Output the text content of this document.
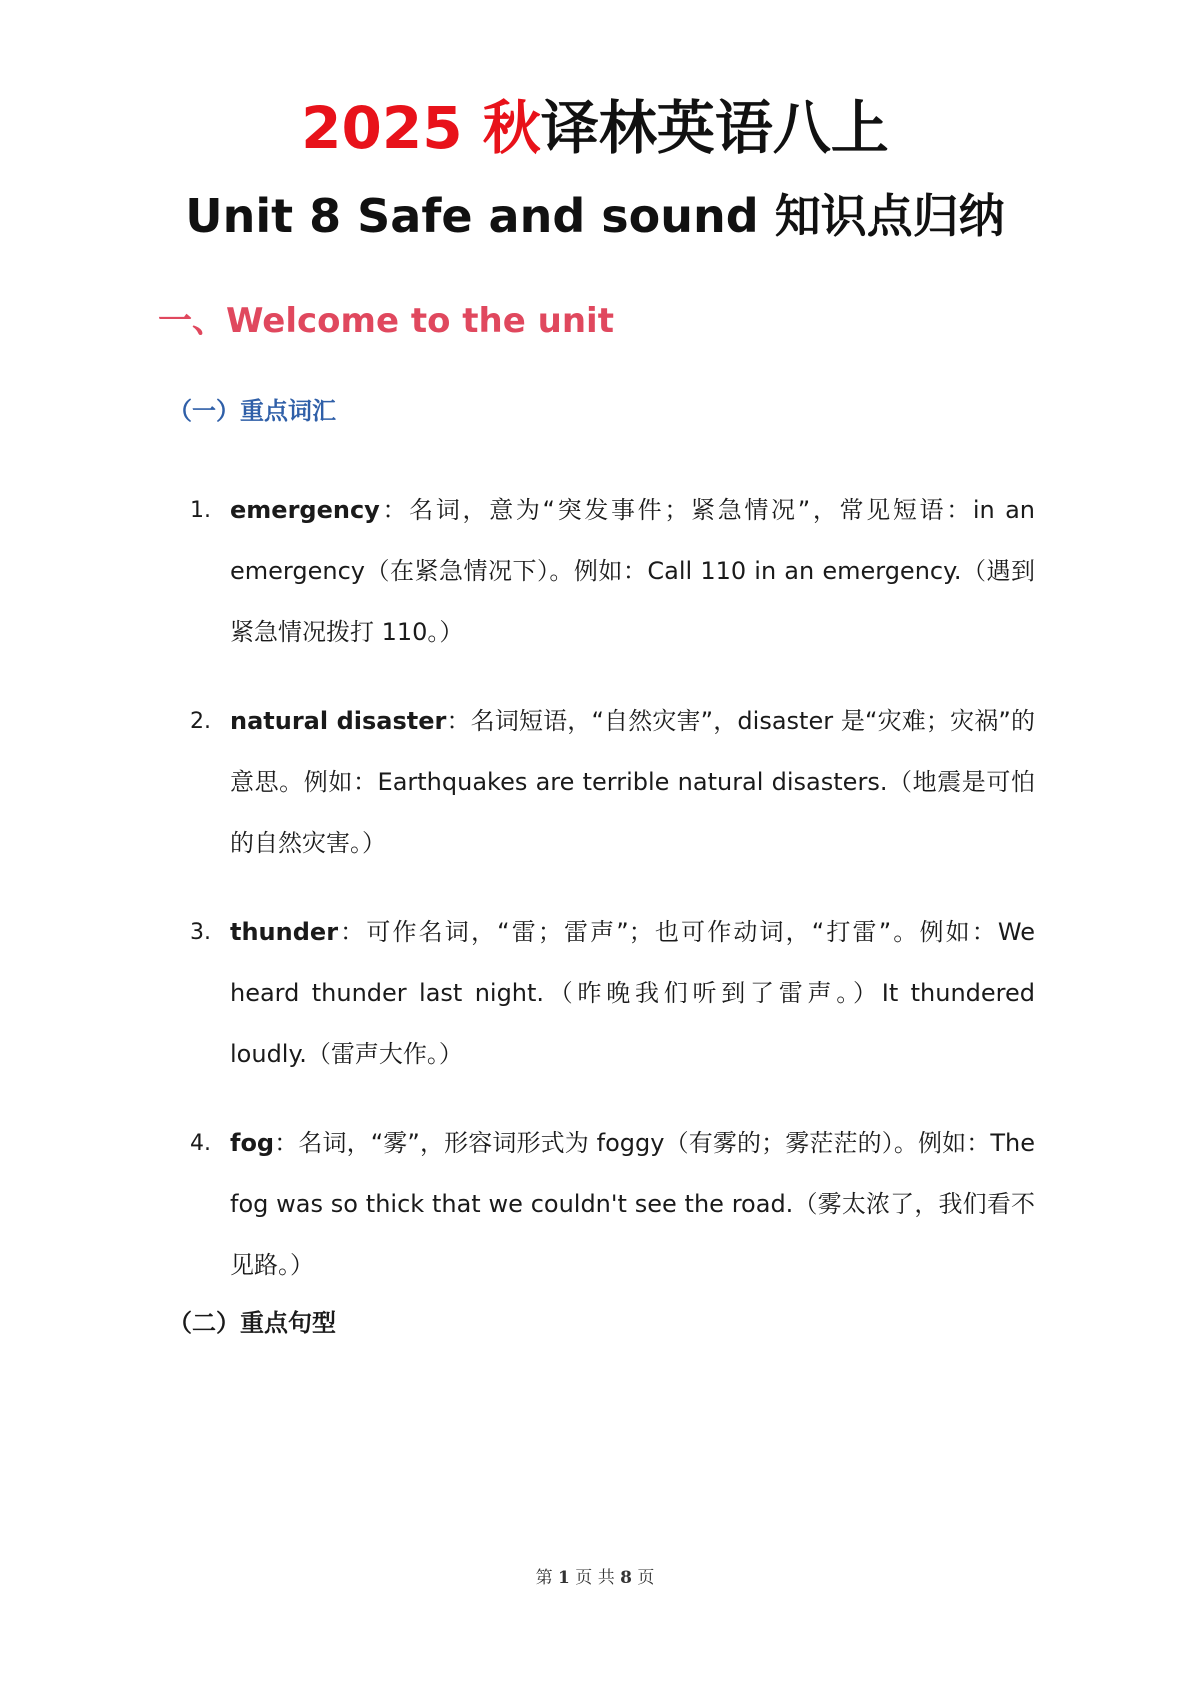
2025 秋译林英语八上
Unit 8 Safe and sound 知识点归纳
一、Welcome to the unit
（一）重点词汇
1. emergency：名词，意为“突发事件；紧急情况”，常见短语：in an emergency（在紧急情况下）。例如：Call 110 in an emergency.（遇到紧急情况拨打 110。）
2. natural disaster：名词短语，“自然灾害”，disaster 是“灾难；灾祸”的意思。例如：Earthquakes are terrible natural disasters.（地震是可怕的自然灾害。）
3. thunder：可作名词，“雷；雷声”；也可作动词，“打雷”。例如：We heard thunder last night.（昨晚我们听到了雷声。）It thundered loudly.（雷声大作。）
4. fog：名词，“雾”，形容词形式为 foggy（有雾的；雾茫茫的）。例如：The fog was so thick that we couldn't see the road.（雾太浓了，我们看不见路。）
（二）重点句型
第 1 页 共 8 页
